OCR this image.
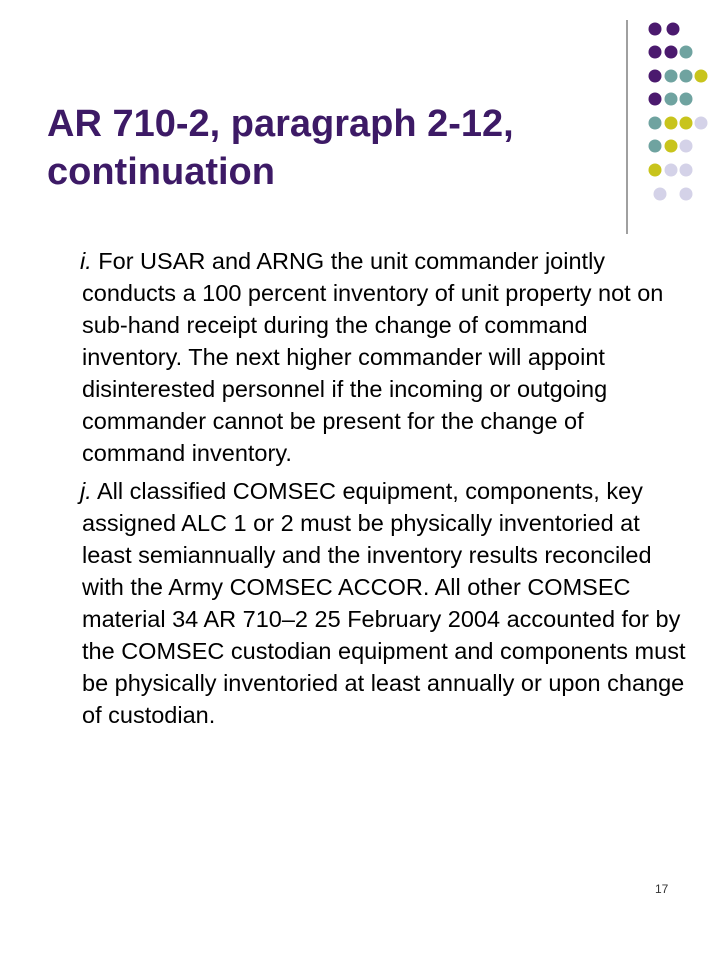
AR 710-2, paragraph 2-12,
continuation

i. For USAR and ARNG the unit commander jointly conducts a 100 percent inventory of unit property not on sub-hand receipt during the change of command inventory. The next higher commander will appoint disinterested personnel if the incoming or outgoing commander cannot be present for the change of command inventory.

j. All classified COMSEC equipment, components, key assigned ALC 1 or 2 must be physically inventoried at least semiannually and the inventory results reconciled with the Army COMSEC ACCOR. All other COMSEC material 34 AR 710–2 25 February 2004 accounted for by the COMSEC custodian equipment and components must be physically inventoried at least annually or upon change of custodian.

17
